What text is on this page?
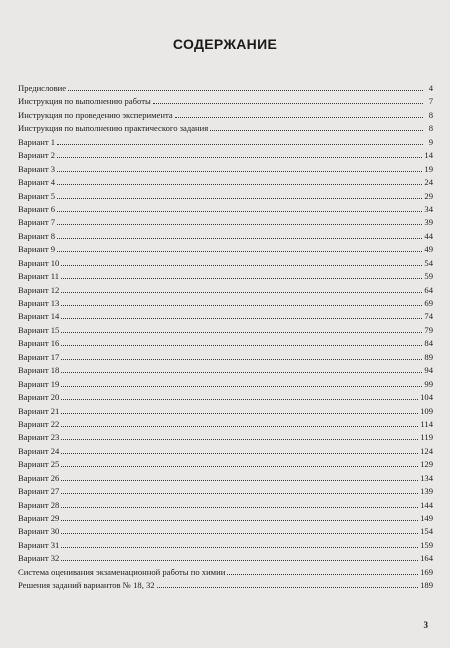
СОДЕРЖАНИЕ
Предисловие	4
Инструкция по выполнению работы	7
Инструкция по проведению эксперимента	8
Инструкция по выполнению практического задания	8
Вариант 1	9
Вариант 2	14
Вариант 3	19
Вариант 4	24
Вариант 5	29
Вариант 6	34
Вариант 7	39
Вариант 8	44
Вариант 9	49
Вариант 10	54
Вариант 11	59
Вариант 12	64
Вариант 13	69
Вариант 14	74
Вариант 15	79
Вариант 16	84
Вариант 17	89
Вариант 18	94
Вариант 19	99
Вариант 20	104
Вариант 21	109
Вариант 22	114
Вариант 23	119
Вариант 24	124
Вариант 25	129
Вариант 26	134
Вариант 27	139
Вариант 28	144
Вариант 29	149
Вариант 30	154
Вариант 31	159
Вариант 32	164
Система оценивания экзаменационной работы по химии	169
Решения заданий вариантов № 18, 32	189
3
